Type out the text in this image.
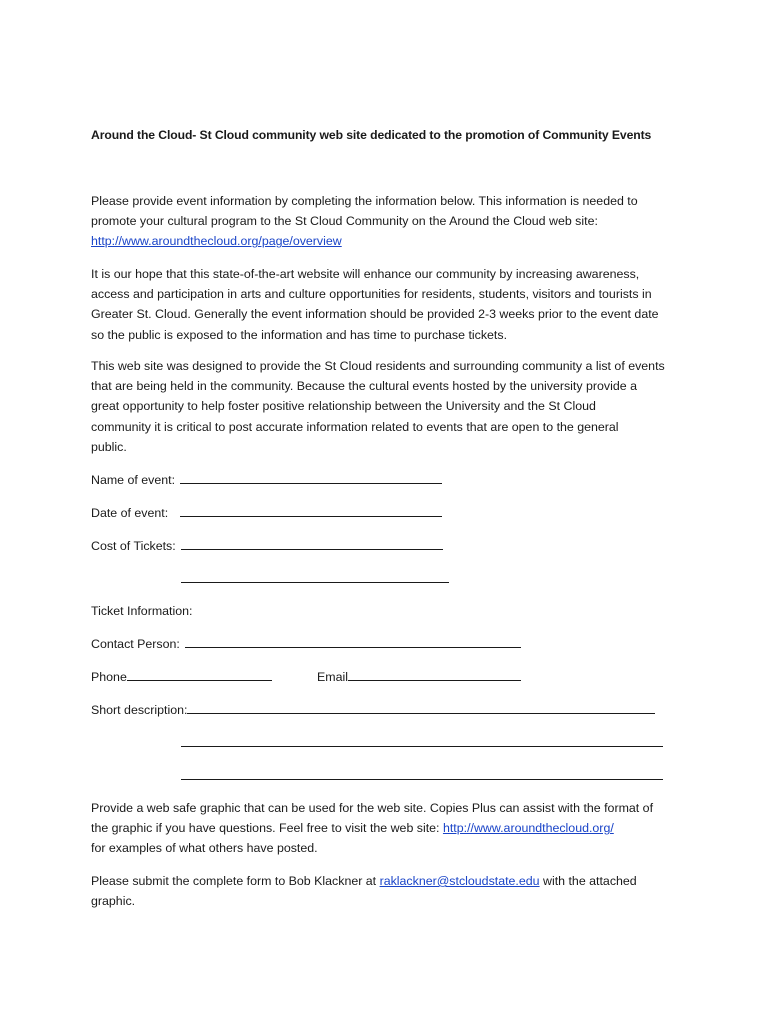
Around the Cloud- St Cloud community web site dedicated to the promotion of Community Events

Please provide event information by completing the information below. This information is needed to
promote your cultural program to the St Cloud Community on the Around the Cloud web site:
http://www.aroundthecloud.org/page/overview

It is our hope that this state-of-the-art website will enhance our community by increasing awareness,
access and participation in arts and culture opportunities for residents, students, visitors and tourists in
Greater St. Cloud. Generally the event information should be provided 2-3 weeks prior to the event date
so the public is exposed to the information and has time to purchase tickets.

This web site was designed to provide the St Cloud residents and surrounding community a list of events
that are being held in the community. Because the cultural events hosted by the university provide a
great opportunity to help foster positive relationship between the University and the St Cloud
community it is critical to post accurate information related to events that are open to the general
public.

Name of event:
Date of event:
Cost of Tickets:
Ticket Information:
Contact Person:
Phone	Email
Short description:

Provide a web safe graphic that can be used for the web site. Copies Plus can assist with the format of
the graphic if you have questions. Feel free to visit the web site: http://www.aroundthecloud.org/
for examples of what others have posted.

Please submit the complete form to Bob Klackner at raklackner@stcloudstate.edu with the attached
graphic.
